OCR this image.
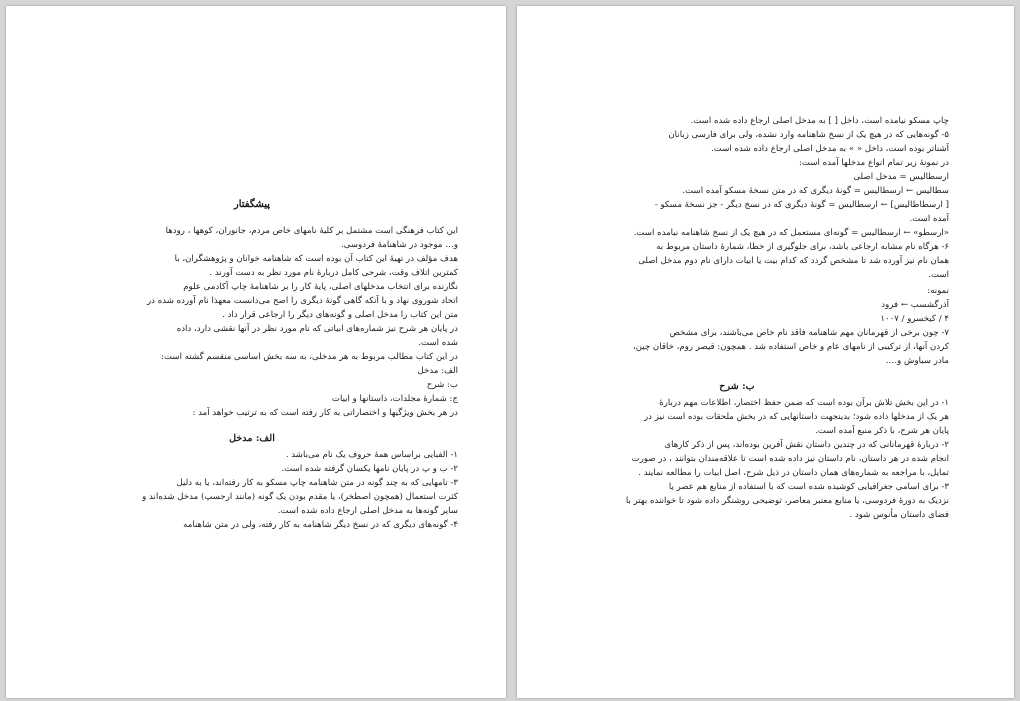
پیشگفتار
این کتاب فرهنگی است مشتمل بر کلیهٔ نامهای خاص مردم، جانوران، کوهها ، رودها
و… موجود در شاهنامهٔ فردوسی.
هدف مؤلف در تهیهٔ این کتاب آن بوده است که شاهنامه خوانان و پژوهشگران، با
کمترین اتلاف وقت، شرحی کامل دربارهٔ نام مورد نظر به دست آورند .
نگارنده برای انتخاب مدخلهای اصلی، پایهٔ کار را بر شاهنامهٔ چاپ آکادمی علوم
اتحاد شوروی نهاد و با آنکه گاهی گونهٔ دیگری را اصح می‌دانست معهذا نام آورده شده در
متن این کتاب را مدخل اصلی و گونه‌های دیگر را ارجاعی قرار داد .
در پایان هر شرح نیز شماره‌های ابیاتی که نام مورد نظر در آنها نقشی دارد، داده
شده است.
در این کتاب مطالب مربوط به هر مدخلی، به سه بخش اساسی منقسم گشته است:
الف: مدخل
ب: شرح
ج: شمارهٔ مجلدات، داستانها و ابیات
در هر بخش ویژگیها و اختصاراتی به کار رفته است که به ترتیب خواهد آمد :
الف: مدخل
۱- الفبایی براساس همهٔ حروف یک نام می‌باشد .
۲- ب و پ در پایان نامها یکسان گرفته شده است.
۳- نامهایی که به چند گونه در متن شاهنامه چاپ مسکو به کار رفته‌اند، یا به دلیل
کثرت استعمال (همچون اصطخر)، یا مقدم بودن یک گونه (مانند ارجسپ) مدخل شده‌اند و
سایر گونه‌ها به مدخل اصلی ارجاع داده شده است.
۴- گونه‌های دیگری که در نسخ دیگر شاهنامه به کار رفته، ولی در متن شاهنامه
چاپ مسکو نیامده است، داخل [ ] به مدخل اصلی ارجاع داده شده است.
۵- گونه‌هایی که در هیچ یک از نسخ شاهنامه وارد نشده، ولی برای فارسی زبانان
آشناتر بوده است، داخل « » به مدخل اصلی ارجاع داده شده است.
در نمونهٔ زیر تمام انواع مدخلها آمده است:
ارسطالیس = مدخل اصلی
سطالیس ← ارسطالیس = گونهٔ دیگری که در متن نسخهٔ مسکو آمده است.
[ ارسطاطالیس] ← ارسطالیس = گونهٔ دیگری که در نسخ دیگر - جز نسخهٔ مسکو -
آمده است.
«ارسطو» ← ارسطالیس = گونه‌ای مستعمل که در هیچ یک از نسخ شاهنامه نیامده است.
۶- هرگاه نام مشابه ارجاعی باشد، برای جلوگیری از خطا، شمارهٔ داستان مربوط به
همان نام نیز آورده شد تا مشخص گردد که کدام بیت یا ابیات دارای نام دوم مدخل اصلی
است.
نمونه:
آذرگشسب ← فرود
۴ / کیخسرو / ۱۰۰۷
۷- چون برخی از قهرمانان مهم شاهنامه فاقد نام خاص می‌باشند، برای مشخص
کردن آنها، از ترکیبی از نامهای عام و خاص استفاده شد . همچون: قیصر روم، خاقان چین،
مادر سیاوش و….
ب: شرح
۱- در این بخش تلاش برآن بوده است که ضمن حفظ اختصار، اطلاعات مهم دربارهٔ
هر یک از مدخلها داده شود؛ بدینجهت داستانهایی که در بخش ملحقات بوده است نیز در
پایان هر شرح، با ذکر منبع آمده است.
۲- دربارهٔ قهرمانانی که در چندین داستان نقش آفرین بوده‌اند، پس از ذکر کارهای
انجام شده در هر داستان، نام داستان نیز داده شده است تا علاقه‌مندان بتوانند ، در صورت
تمایل، با مراجعه به شماره‌های همان داستان در ذیل شرح، اصل ابیات را مطالعه نمایند .
۳- برای اسامی جغرافیایی کوشیده شده است که با استفاده از منابع هم عصر یا
نزدیک به دورهٔ فردوسی، یا منابع معتبر معاصر، توضیحی روشنگر داده شود تا خواننده بهتر با
فضای داستان مأنوس شود .
